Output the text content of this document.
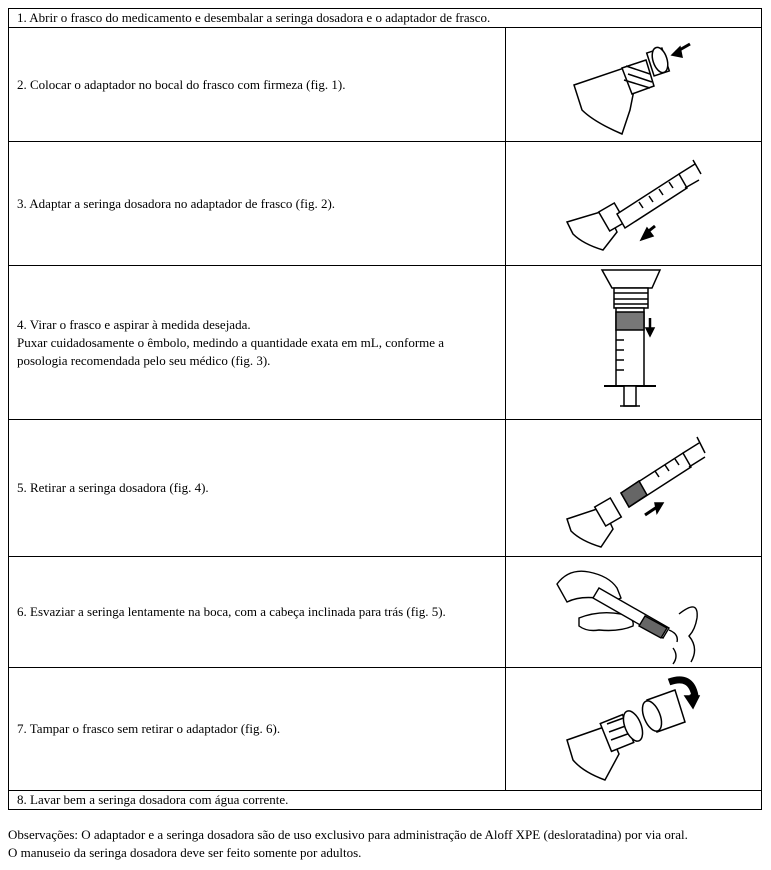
1. Abrir o frasco do medicamento e desembalar a seringa dosadora e o adaptador de frasco.	
2. Colocar o adaptador no bocal do frasco com firmeza (fig. 1).	

3. Adaptar a seringa dosadora no adaptador de frasco (fig. 2).	

4. Virar o frasco e aspirar à medida desejada.
Puxar cuidadosamente o êmbolo, medindo a quantidade exata em mL, conforme a
posologia recomendada pelo seu médico (fig. 3).

5. Retirar a seringa dosadora (fig. 4).	

6. Esvaziar a seringa lentamente na boca, com a cabeça inclinada para trás (fig. 5).	

7. Tampar o frasco sem retirar o adaptador (fig. 6).	

8. Lavar bem a seringa dosadora com água corrente.	
Observações: O adaptador e a seringa dosadora são de uso exclusivo para administração de Aloff XPE (desloratadina) por via oral.
O manuseio da seringa dosadora deve ser feito somente por adultos.
